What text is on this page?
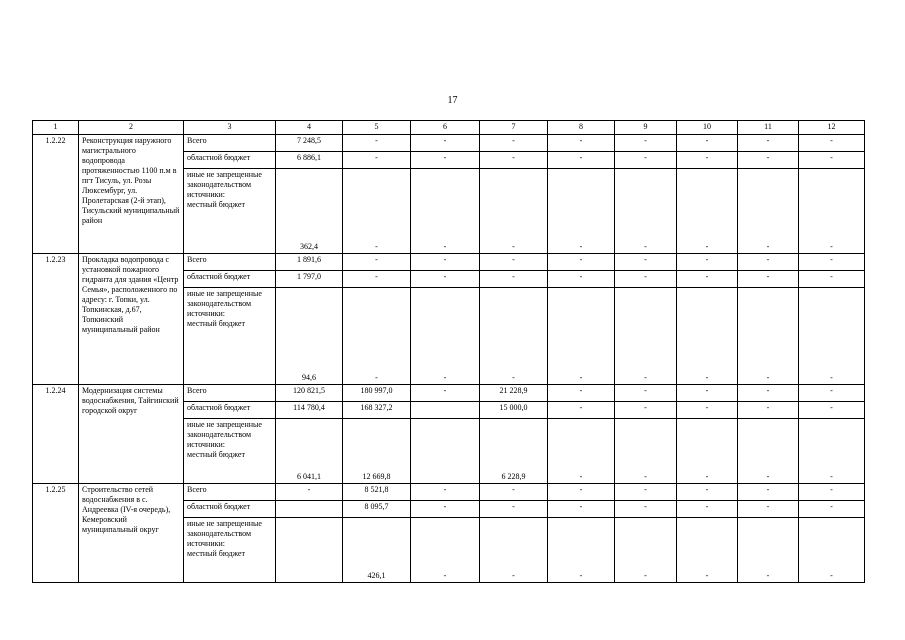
17
1	2	3	4	5	6	7	8	9	10	11	12
1.2.22	Реконструкция наружного магистрального водопровода протяженностью 1100 п.м в пгт Тисуль, ул. Розы Люксембург, ул. Пролетарская (2-й этап), Тисульский муниципальный район	Всего	7 248,5	-	-	-	-	-	-	-	-

		областной бюджет	6 886,1	-	-	-	-	-	-	-	-

		иные не запрещенные законодательством источники:
местный бюджет	362,4	-	-	-	-	-	-	-	-
1.2.23	Прокладка водопровода с установкой пожарного гидранта для здания «Центр Семья», расположенного по адресу: г. Топки, ул. Топкинская, д.67, Топкинский муниципальный район	Всего	1 891,6	-	-	-	-	-	-	-	-

		областной бюджет	1 797,0	-	-	-	-	-	-	-	-

		иные не запрещенные законодательством источники:
местный бюджет	94,6	-	-	-	-	-	-	-	-
1.2.24	Модернизация системы водоснабжения, Тайгинский городской округ	Всего	120 821,5	180 997,0	-	21 228,9	-	-	-	-	-

		областной бюджет	114 780,4	168 327,2		15 000,0	-	-	-	-	-

		иные не запрещенные законодательством источники:
местный бюджет	6 041,1	12 669,8		6 228,9	-	-	-	-	-
1.2.25	Строительство сетей водоснабжения в с. Андреевка (IV-я очередь), Кемеровский муниципальный округ	Всего	-	8 521,8	-	-	-	-	-	-	-

		областной бюджет		8 095,7	-	-	-	-	-	-	-

		иные не запрещенные законодательством источники:
местный бюджет		426,1	-	-	-	-	-	-	-
